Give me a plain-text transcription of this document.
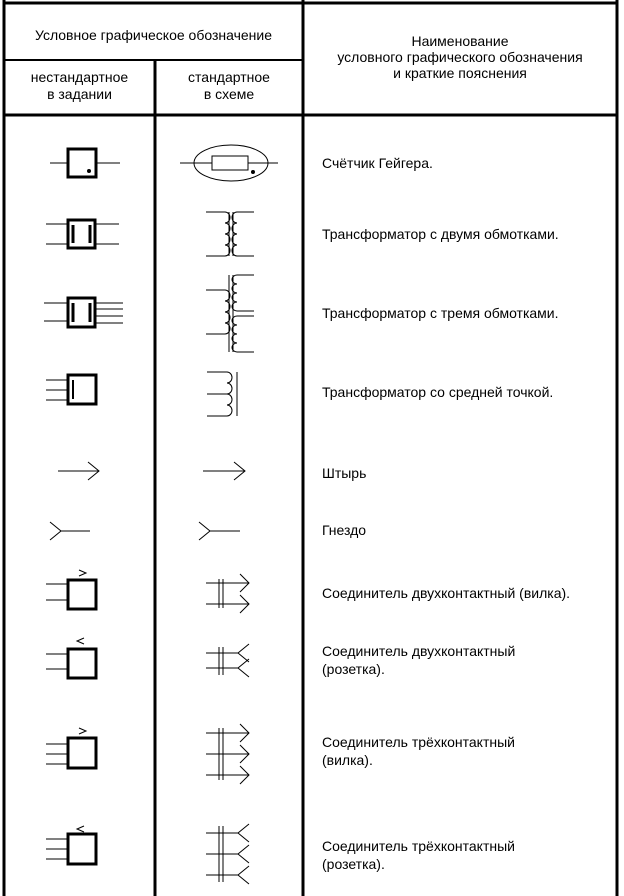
Условное графическое обозначение
нестандартное
в задании
стандартное
в схеме
Наименование
условного графического обозначения
и краткие пояснения
Счётчик Гейгера.
Трансформатор с двумя обмотками.
Трансформатор с тремя обмотками.
Трансформатор со средней точкой.
Штырь
Гнездо
Соединитель двухконтактный (вилка).
Соединитель двухконтактный
(розетка).
Соединитель трёхконтактный
(вилка).
Соединитель трёхконтактный
(розетка).
